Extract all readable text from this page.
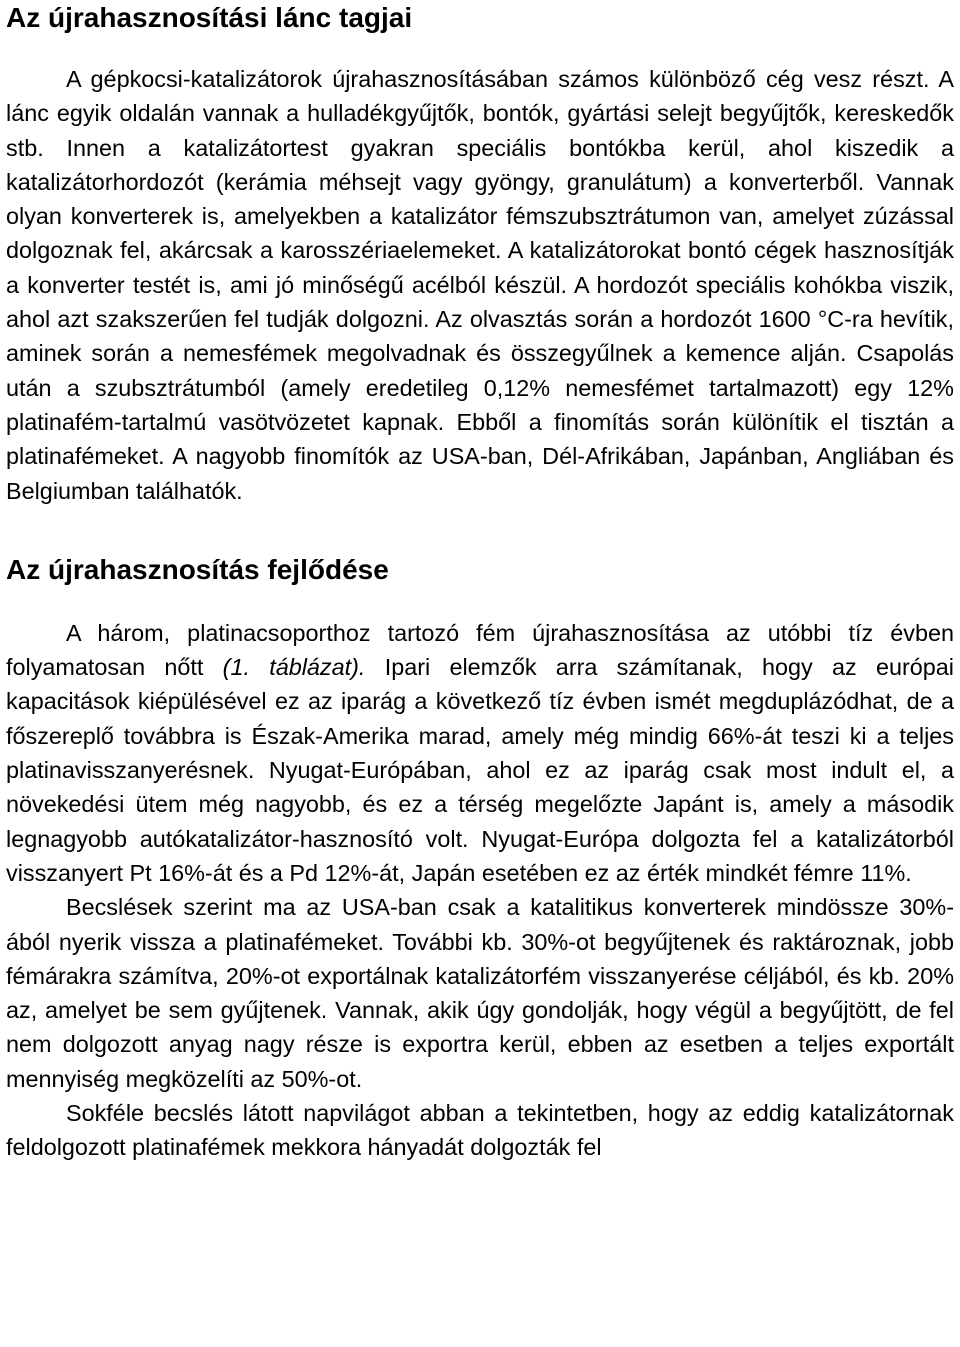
Az újrahasznosítási lánc tagjai

A gépkocsi-katalizátorok újrahasznosításában számos különböző cég vesz részt. A lánc egyik oldalán vannak a hulladékgyűjtők, bontók, gyártási selejt begyűjtők, kereskedők stb. Innen a katalizátortest gyakran speciális bontókba kerül, ahol kiszedik a katalizátorhordozót (kerámia méhsejt vagy gyöngy, granulátum) a konverterből. Vannak olyan konverterek is, amelyekben a katalizátor fémszubsztrátumon van, amelyet zúzással dolgoznak fel, akárcsak a karosszériaelemeket. A katalizátorokat bontó cégek hasznosítják a konverter testét is, ami jó minőségű acélból készül. A hordozót speciális kohókba viszik, ahol azt szakszerűen fel tudják dolgozni. Az olvasztás során a hordozót 1600 °C-ra hevítik, aminek során a nemesfémek megolvadnak és összegyűlnek a kemence alján. Csapolás után a szubsztrátumból (amely eredetileg 0,12% nemesfémet tartalmazott) egy 12% platinafém-tartalmú vasötvözetet kapnak. Ebből a finomítás során különítik el tisztán a platinafémeket. A nagyobb finomítók az USA-ban, Dél-Afrikában, Japánban, Angliában és Belgiumban találhatók.

Az újrahasznosítás fejlődése

A három, platinacsoporthoz tartozó fém újrahasznosítása az utóbbi tíz évben folyamatosan nőtt (1. táblázat). Ipari elemzők arra számítanak, hogy az európai kapacitások kiépülésével ez az iparág a következő tíz évben ismét megduplázódhat, de a főszereplő továbbra is Észak-Amerika marad, amely még mindig 66%-át teszi ki a teljes platinavisszanyerésnek. Nyugat-Európában, ahol ez az iparág csak most indult el, a növekedési ütem még nagyobb, és ez a térség megelőzte Japánt is, amely a második legnagyobb autókatalizátor-hasznosító volt. Nyugat-Európa dolgozta fel a katalizátorból visszanyert Pt 16%-át és a Pd 12%-át, Japán esetében ez az érték mindkét fémre 11%.

Becslések szerint ma az USA-ban csak a katalitikus konverterek mindössze 30%-ából nyerik vissza a platinafémeket. További kb. 30%-ot begyűjtenek és raktároznak, jobb fémárakra számítva, 20%-ot exportálnak katalizátorfém visszanyerése céljából, és kb. 20% az, amelyet be sem gyűjtenek. Vannak, akik úgy gondolják, hogy végül a begyűjtött, de fel nem dolgozott anyag nagy része is exportra kerül, ebben az esetben a teljes exportált mennyiség megközelíti az 50%-ot.

Sokféle becslés látott napvilágot abban a tekintetben, hogy az eddig katalizátornak feldolgozott platinafémek mekkora hányadát dolgozták fel
